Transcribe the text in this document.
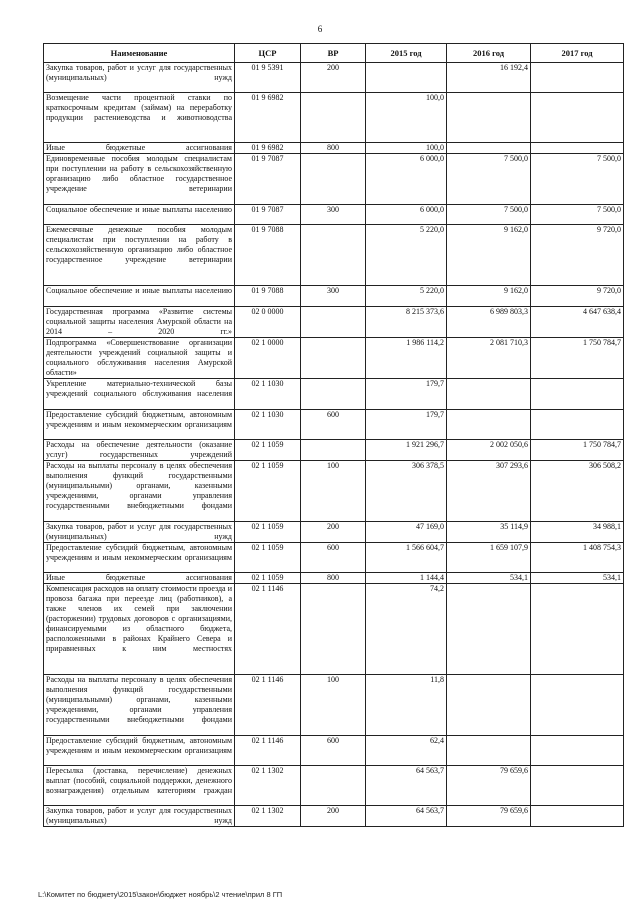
6
Наименование	ЦСР	ВР	2015 год	2016 год	2017 год
Закупка товаров, работ и услуг для государственных (муниципальных) нужд	01 9 5391	200		16 192,4	
Возмещение части процентной ставки по краткосрочным кредитам (займам) на переработку продукции растениеводства и животноводства	01 9 6982		100,0		
Иные бюджетные ассигнования	01 9 6982	800	100,0		
Единовременные пособия молодым специалистам при поступлении на работу в сельскохозяйственную организацию либо областное государственное учреждение ветеринарии	01 9 7087		6 000,0	7 500,0	7 500,0
Социальное обеспечение и иные выплаты населению	01 9 7087	300	6 000,0	7 500,0	7 500,0
Ежемесячные денежные пособия молодым специалистам при поступлении на работу в сельскохозяйственную организацию либо областное государственное учреждение ветеринарии	01 9 7088		5 220,0	9 162,0	9 720,0
Социальное обеспечение и иные выплаты населению	01 9 7088	300	5 220,0	9 162,0	9 720,0
Государственная программа «Развитие системы социальной защиты населения Амурской области на 2014 – 2020 гг.»	02 0 0000		8 215 373,6	6 989 803,3	4 647 638,4
Подпрограмма «Совершенствование организации деятельности учреждений социальной защиты и социального обслуживания населения Амурской области»	02 1 0000		1 986 114,2	2 081 710,3	1 750 784,7
Укрепление материально-технической базы учреждений социального обслуживания населения	02 1 1030		179,7		
Предоставление субсидий бюджетным, автономным учреждениям и иным некоммерческим организациям	02 1 1030	600	179,7		
Расходы на обеспечение деятельности (оказание услуг) государственных учреждений	02 1 1059		1 921 296,7	2 002 050,6	1 750 784,7
Расходы на выплаты персоналу в целях обеспечения выполнения функций государственными (муниципальными) органами, казенными учреждениями, органами управления государственными внебюджетными фондами	02 1 1059	100	306 378,5	307 293,6	306 508,2
Закупка товаров, работ и услуг для государственных (муниципальных) нужд	02 1 1059	200	47 169,0	35 114,9	34 988,1
Предоставление субсидий бюджетным, автономным учреждениям и иным некоммерческим организациям	02 1 1059	600	1 566 604,7	1 659 107,9	1 408 754,3
Иные бюджетные ассигнования	02 1 1059	800	1 144,4	534,1	534,1
Компенсация расходов на оплату стоимости проезда и провоза багажа при переезде лиц (работников), а также членов их семей при заключении (расторжении) трудовых договоров с организациями, финансируемыми из областного бюджета, расположенными в районах Крайнего Севера и приравненных к ним местностях	02 1 1146		74,2		
Расходы на выплаты персоналу в целях обеспечения выполнения функций государственными (муниципальными) органами, казенными учреждениями, органами управления государственными внебюджетными фондами	02 1 1146	100	11,8		
Предоставление субсидий бюджетным, автономным учреждениям и иным некоммерческим организациям	02 1 1146	600	62,4		
Пересылка (доставка, перечисление) денежных выплат (пособий, социальной поддержки, денежного вознаграждения) отдельным категориям граждан	02 1 1302		64 563,7	79 659,6	
Закупка товаров, работ и услуг для государственных (муниципальных) нужд	02 1 1302	200	64 563,7	79 659,6	
L:\Комитет по бюджету\2015\закон\бюджет ноябрь\2 чтение\прил 8 ГП
